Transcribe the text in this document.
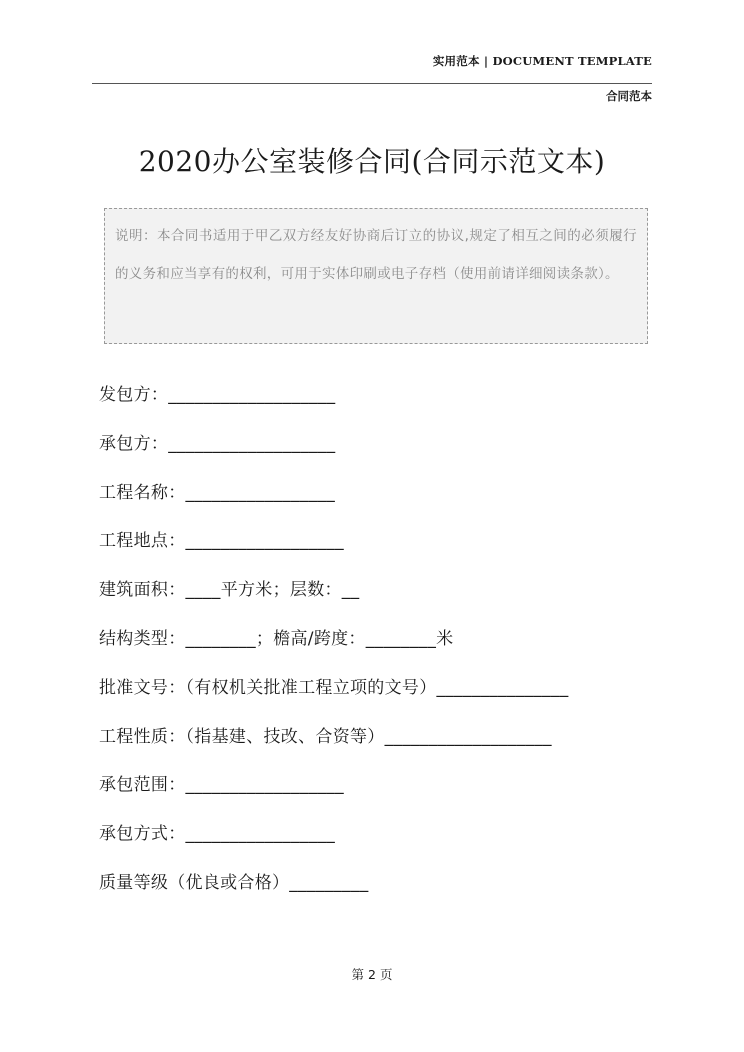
实用范本 | DOCUMENT TEMPLATE
合同范本
2020办公室装修合同(合同示范文本)
说明：本合同书适用于甲乙双方经友好协商后订立的协议,规定了相互之间的必须履行的义务和应当享有的权利，可用于实体印刷或电子存档（使用前请详细阅读条款）。
发包方：___________________
承包方：___________________
工程名称：_________________
工程地点：__________________
建筑面积：____平方米；层数：__
结构类型：________；檐高/跨度：________米
批准文号：（有权机关批准工程立项的文号）_______________
工程性质：（指基建、技改、合资等）___________________
承包范围：__________________
承包方式：_________________
质量等级（优良或合格）_________
第 2 页
